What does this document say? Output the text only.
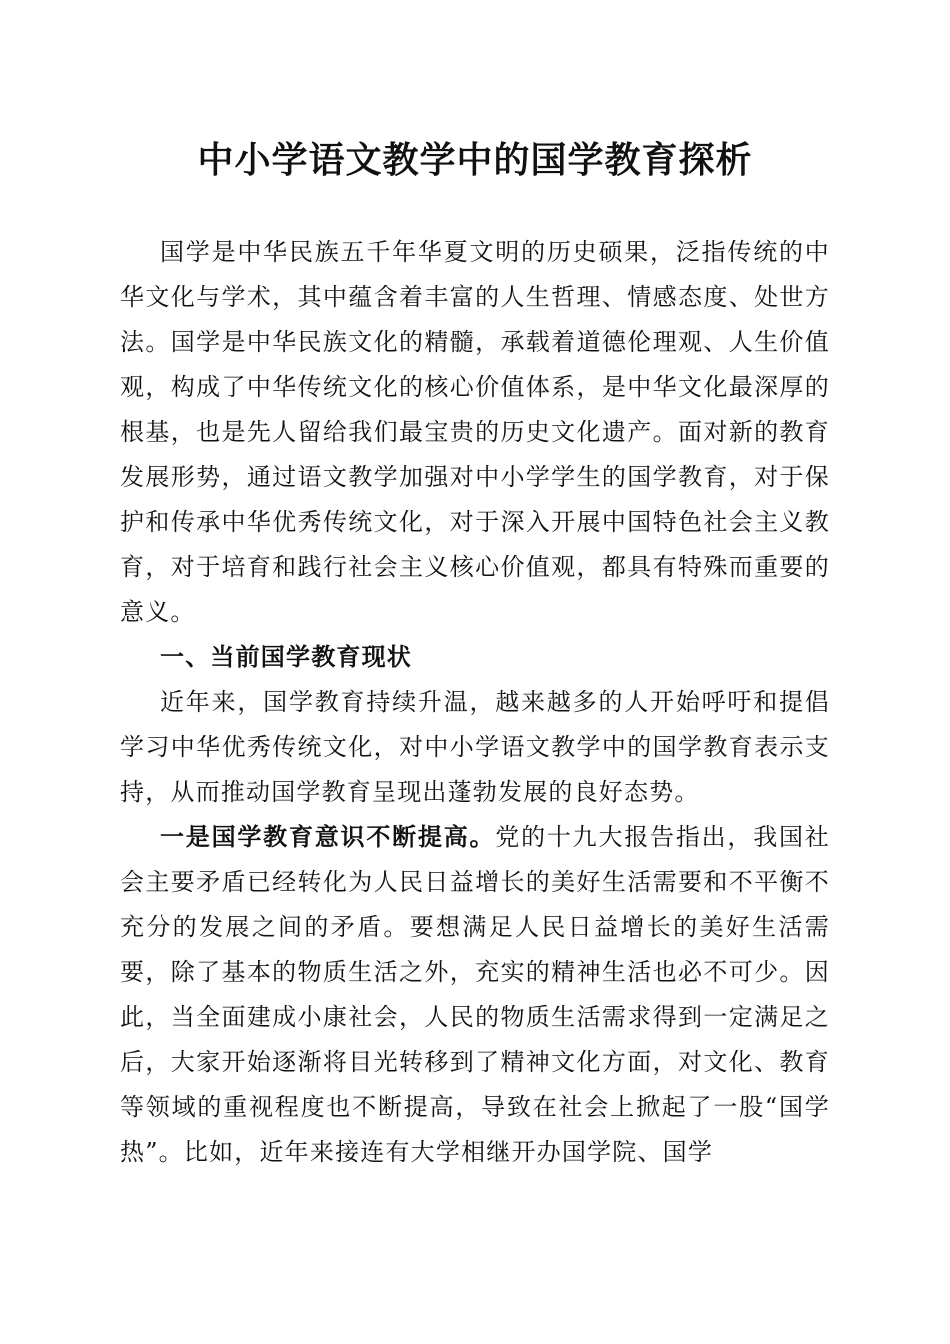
中小学语文教学中的国学教育探析

国学是中华民族五千年华夏文明的历史硕果，泛指传统的中华文化与学术，其中蕴含着丰富的人生哲理、情感态度、处世方法。国学是中华民族文化的精髓，承载着道德伦理观、人生价值观，构成了中华传统文化的核心价值体系，是中华文化最深厚的根基，也是先人留给我们最宝贵的历史文化遗产。面对新的教育发展形势，通过语文教学加强对中小学学生的国学教育，对于保护和传承中华优秀传统文化，对于深入开展中国特色社会主义教育，对于培育和践行社会主义核心价值观，都具有特殊而重要的意义。

一、当前国学教育现状

近年来，国学教育持续升温，越来越多的人开始呼吁和提倡学习中华优秀传统文化，对中小学语文教学中的国学教育表示支持，从而推动国学教育呈现出蓬勃发展的良好态势。

一是国学教育意识不断提高。党的十九大报告指出，我国社会主要矛盾已经转化为人民日益增长的美好生活需要和不平衡不充分的发展之间的矛盾。要想满足人民日益增长的美好生活需要，除了基本的物质生活之外，充实的精神生活也必不可少。因此，当全面建成小康社会，人民的物质生活需求得到一定满足之后，大家开始逐渐将目光转移到了精神文化方面，对文化、教育等领域的重视程度也不断提高，导致在社会上掀起了一股“国学热”。比如，近年来接连有大学相继开办国学院、国学
